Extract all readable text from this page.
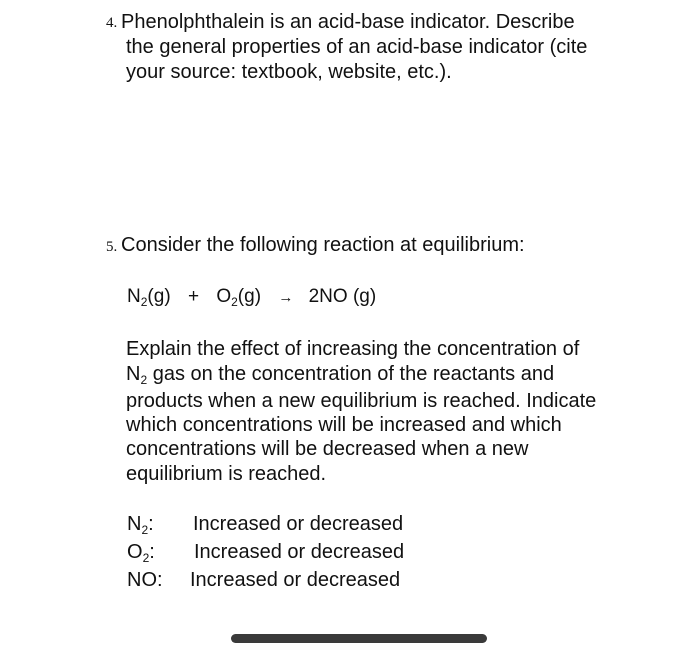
4. Phenolphthalein is an acid-base indicator. Describe
the general properties of an acid-base indicator (cite
your source: textbook, website, etc.).
5. Consider the following reaction at equilibrium:
$N_2(g) + O_2(g) \to 2NO$ (g)
Explain the effect of increasing the concentration of
$N_2$ gas on the concentration of the reactants and
products when a new equilibrium is reached. Indicate
which concentrations will be increased and which
concentrations will be decreased when a new
equilibrium is reached.
$N_2$: Increased or decreased
$O_2$: Increased or decreased
NO: Increased or decreased
